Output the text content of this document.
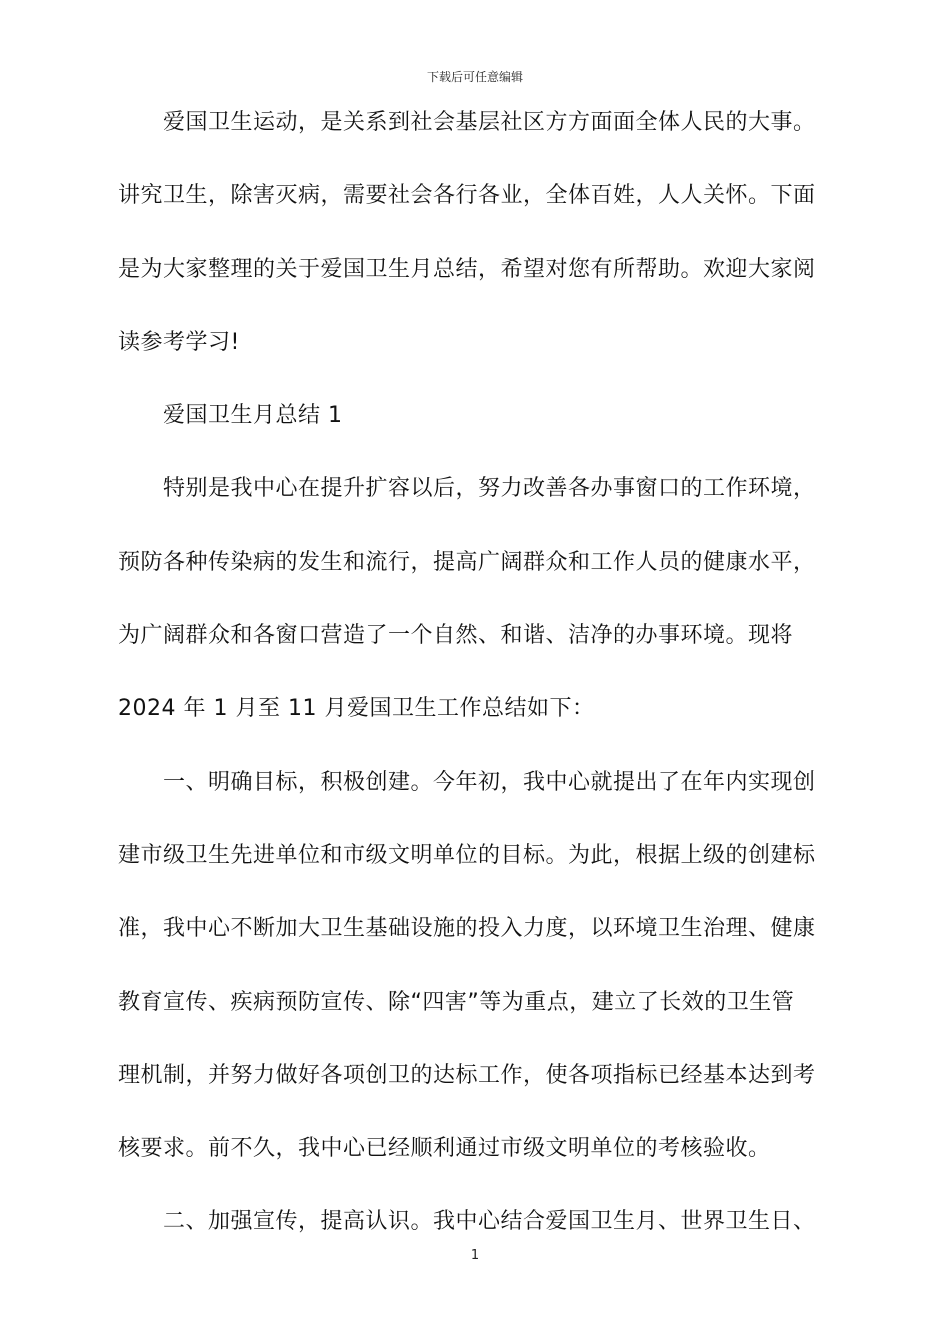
下载后可任意编辑
爱国卫生运动，是关系到社会基层社区方方面面全体人民的大事。
讲究卫生，除害灭病，需要社会各行各业，全体百姓，人人关怀。下面
是为大家整理的关于爱国卫生月总结，希望对您有所帮助。欢迎大家阅
读参考学习!
爱国卫生月总结 1
特别是我中心在提升扩容以后，努力改善各办事窗口的工作环境，
预防各种传染病的发生和流行，提高广阔群众和工作人员的健康水平，
为广阔群众和各窗口营造了一个自然、和谐、洁净的办事环境。现将
2024 年 1 月至 11 月爱国卫生工作总结如下：
一、明确目标，积极创建。今年初，我中心就提出了在年内实现创
建市级卫生先进单位和市级文明单位的目标。为此，根据上级的创建标
准，我中心不断加大卫生基础设施的投入力度，以环境卫生治理、健康
教育宣传、疾病预防宣传、除“四害”等为重点，建立了长效的卫生管
理机制，并努力做好各项创卫的达标工作，使各项指标已经基本达到考
核要求。前不久，我中心已经顺利通过市级文明单位的考核验收。
二、加强宣传，提高认识。我中心结合爱国卫生月、世界卫生日、
1
